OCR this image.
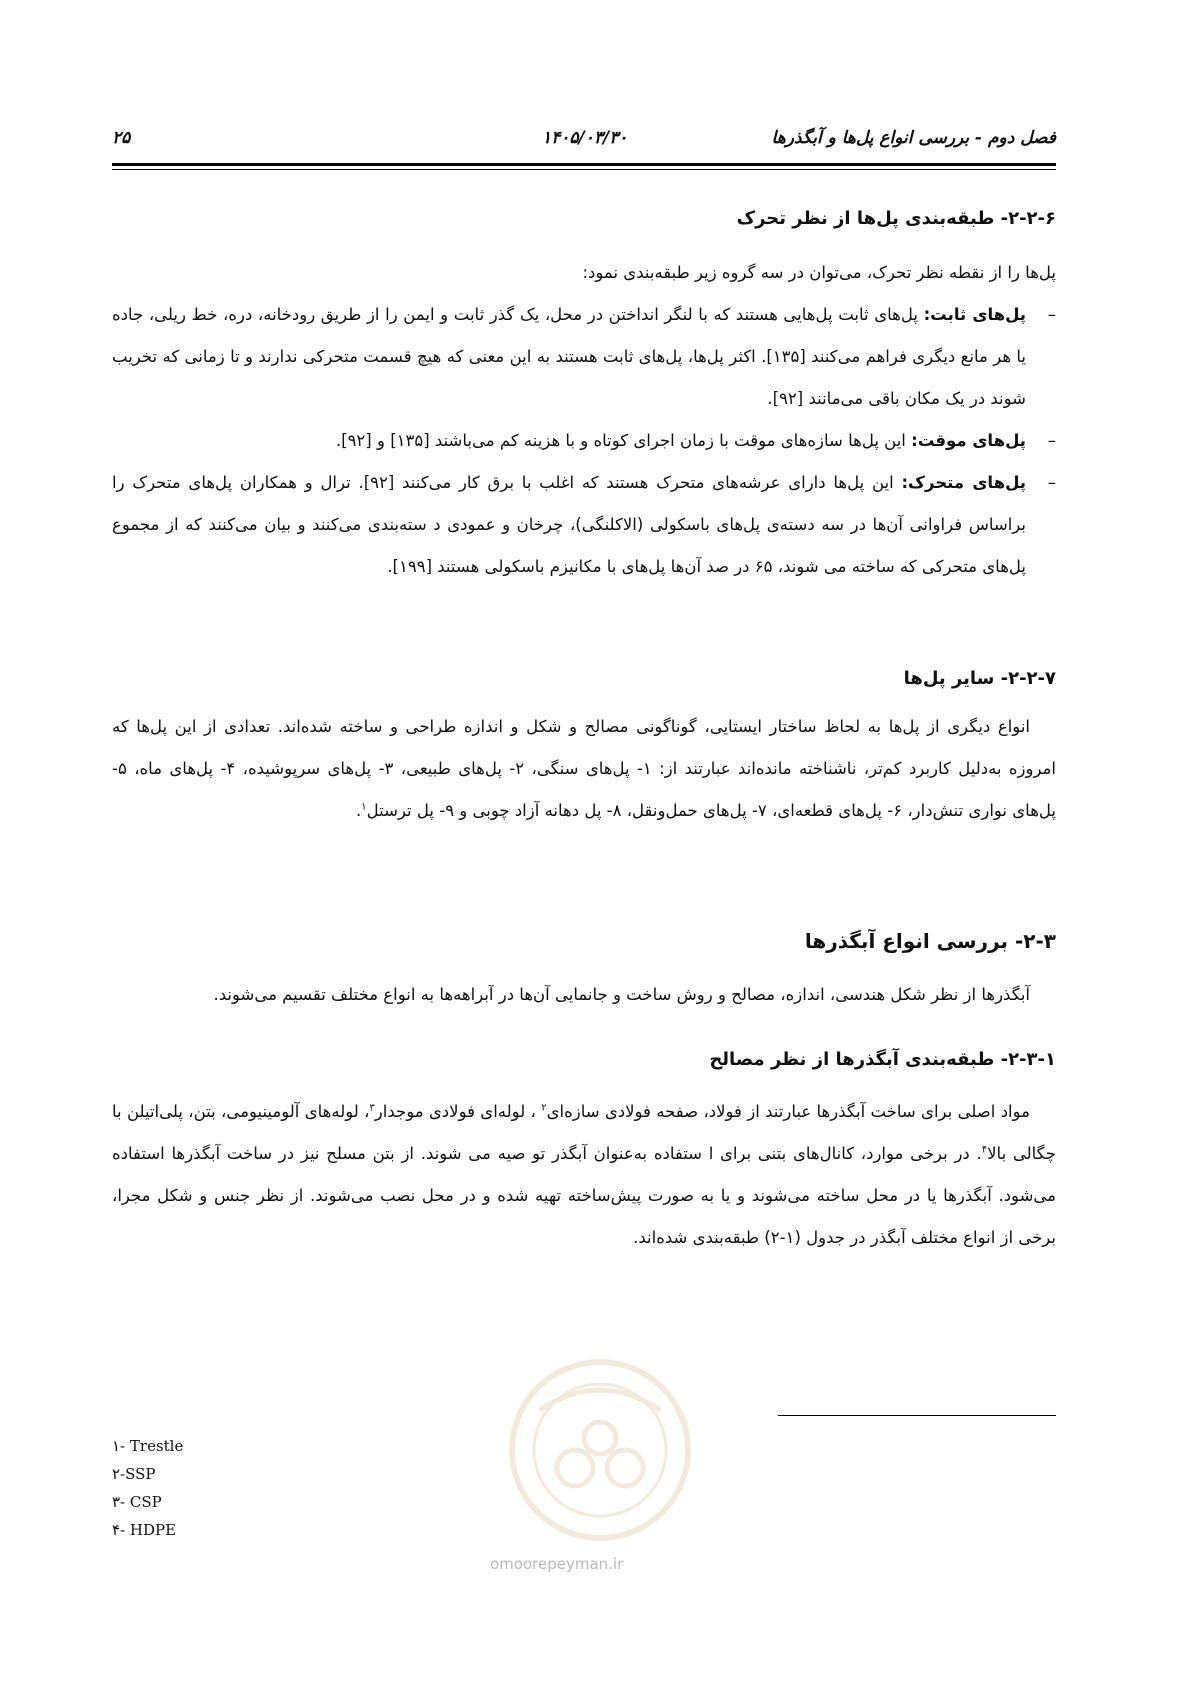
فصل دوم - بررسی انواع پل‌ها و آبگذرها
۱۴۰۵/۰۳/۳۰
۲۵
۲-۲-۶- طبقه‌بندی پل‌ها از نظر تحرک

پل‌ها را از نقطه نظر تحرک، می‌توان در سه گروه زیر طبقه‌بندی نمود:

– پل‌های ثابت: پل‌های ثابت پل‌هایی هستند که با لنگر انداختن در محل، یک گذر ثابت و ایمن را از طریق رودخانه، دره، خط ریلی، جاده یا هر مانع دیگری فراهم می‌کنند [۱۳۵]. اکثر پل‌ها، پل‌های ثابت هستند به این معنی که هیچ قسمت متحرکی ندارند و تا زمانی که تخریب شوند در یک مکان باقی می‌مانند [۹۲].
– پل‌های موقت: این پل‌ها سازه‌های موقت با زمان اجرای کوتاه و با هزینه کم می‌باشند [۱۳۵] و [۹۲].
– پل‌های متحرک: این پل‌ها دارای عرشه‌های متحرک هستند که اغلب با برق کار می‌کنند [۹۲]. ترال و همکاران پل‌های متحرک را براساس فراوانی آن‌ها در سه دسته‌ی پل‌های باسکولی (الاکلنگی)، چرخان و عمودی د سته‌بندی می‌کنند و بیان می‌کنند که از مجموع پل‌های متحرکی که ساخته می شوند، ۶۵ در صد آن‌ها پل‌های با مکانیزم باسکولی هستند [۱۹۹].
۲-۲-۷- سایر پل‌ها

انواع دیگری از پل‌ها به لحاظ ساختار ایستایی، گوناگونی مصالح و شکل و اندازه طراحی و ساخته شده‌اند. تعدادی از این پل‌ها که امروزه به‌دلیل کاربرد کم‌تر، ناشناخته مانده‌اند عبارتند از: ۱- پل‌های سنگی، ۲- پل‌های طبیعی، ۳- پل‌های سرپوشیده، ۴- پل‌های ماه، ۵- پل‌های نواری تنش‌دار، ۶- پل‌های قطعه‌ای، ۷- پل‌های حمل‌ونقل، ۸- پل دهانه آزاد چوبی و ۹- پل ترستل$^۱$.

۲-۳- بررسی انواع آبگذرها

آبگذرها از نظر شکل هندسی، اندازه، مصالح و روش ساخت و جانمایی آن‌ها در آبراهه‌ها به انواع مختلف تقسیم می‌شوند.

۲-۳-۱- طبقه‌بندی آبگذرها از نظر مصالح

مواد اصلی برای ساخت آبگذرها عبارتند از فولاد، صفحه فولادی سازه‌ای$^۲$ ، لوله‌ای فولادی موجدار$^۳$، لوله‌های آلومینیومی، بتن، پلی‌اتیلن با چگالی بالا$^۴$. در برخی موارد، کانال‌های بتنی برای ا ستفاده به‌عنوان آبگذر تو صیه می شوند. از بتن مسلح نیز در ساخت آبگذرها استفاده می‌شود. آبگذرها یا در محل ساخته می‌شوند و یا به صورت پیش‌ساخته تهیه شده و در محل نصب می‌شوند. از نظر جنس و شکل مجرا، برخی از انواع مختلف آبگذر در جدول (۱-۲) طبقه‌بندی شده‌اند.

۱- Trestle
۲-SSP
۳- CSP
۴- HDPE
omoorepeyman.ir
